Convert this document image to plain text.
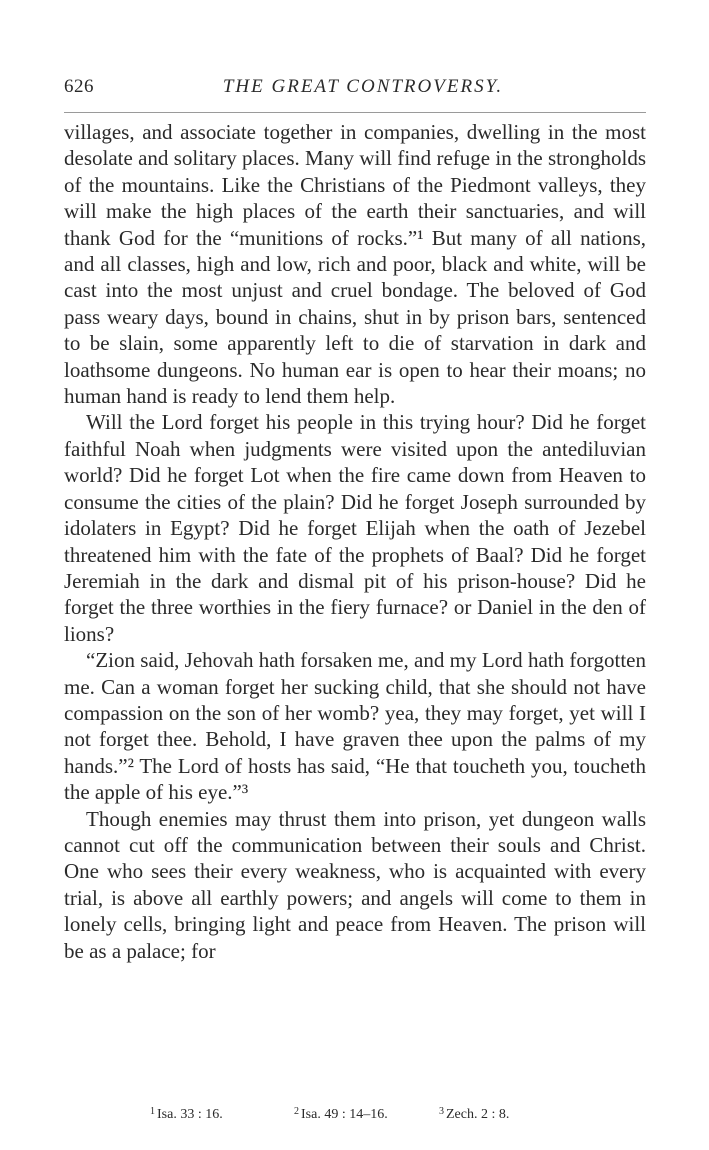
626	THE GREAT CONTROVERSY.

villages, and associate together in companies, dwelling in the most desolate and solitary places. Many will find refuge in the strongholds of the mountains. Like the Christians of the Piedmont valleys, they will make the high places of the earth their sanctuaries, and will thank God for the “munitions of rocks.”¹ But many of all nations, and all classes, high and low, rich and poor, black and white, will be cast into the most unjust and cruel bondage. The beloved of God pass weary days, bound in chains, shut in by prison bars, sentenced to be slain, some apparently left to die of starvation in dark and loathsome dungeons. No human ear is open to hear their moans; no human hand is ready to lend them help.

Will the Lord forget his people in this trying hour? Did he forget faithful Noah when judgments were visited upon the antediluvian world? Did he forget Lot when the fire came down from Heaven to consume the cities of the plain? Did he forget Joseph surrounded by idolaters in Egypt? Did he forget Elijah when the oath of Jezebel threatened him with the fate of the prophets of Baal? Did he forget Jeremiah in the dark and dismal pit of his prison-house? Did he forget the three worthies in the fiery furnace? or Daniel in the den of lions?

“Zion said, Jehovah hath forsaken me, and my Lord hath forgotten me. Can a woman forget her sucking child, that she should not have compassion on the son of her womb? yea, they may forget, yet will I not forget thee. Behold, I have graven thee upon the palms of my hands.”² The Lord of hosts has said, “He that toucheth you, toucheth the apple of his eye.”³

Though enemies may thrust them into prison, yet dungeon walls cannot cut off the communication between their souls and Christ. One who sees their every weakness, who is acquainted with every trial, is above all earthly powers; and angels will come to them in lonely cells, bringing light and peace from Heaven. The prison will be as a palace; for

$^1$ Isa. 33 : 16.	$^2$ Isa. 49 : 14–16.	$^3$ Zech. 2 : 8.
